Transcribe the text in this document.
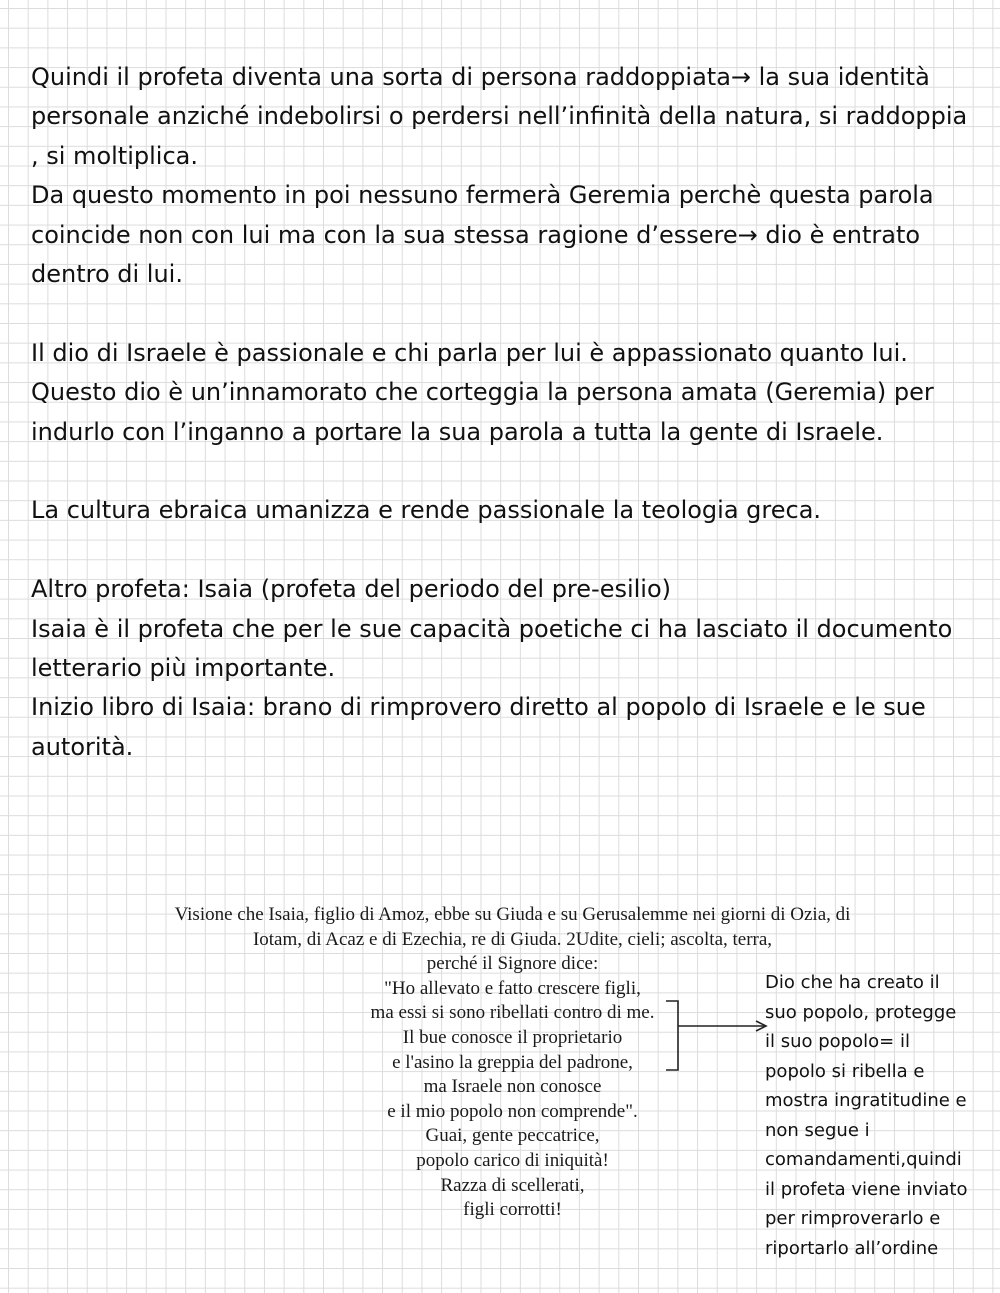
Quindi il profeta diventa una sorta di persona raddoppiata→ la sua identità personale anziché indebolirsi o perdersi nell’infinità della natura, si raddoppia , si moltiplica.

Da questo momento in poi nessuno fermerà Geremia perchè questa parola coincide non con lui ma con la sua stessa ragione d’essere→ dio è entrato dentro di lui.

Il dio di Israele è passionale e chi parla per lui è appassionato quanto lui.

Questo dio è un’innamorato che corteggia la persona amata (Geremia) per indurlo con l’inganno a portare la sua parola a tutta la gente di Israele.

La cultura ebraica umanizza e rende passionale la teologia greca.

Altro profeta: Isaia (profeta del periodo del pre-esilio)

Isaia è il profeta che per le sue capacità poetiche ci ha lasciato il documento letterario più importante.

Inizio libro di Isaia: brano di rimprovero diretto al popolo di Israele e le sue autorità.

Visione che Isaia, figlio di Amoz, ebbe su Giuda e su Gerusalemme nei giorni di Ozia, di Iotam, di Acaz e di Ezechia, re di Giuda. 2Udite, cieli; ascolta, terra,
perché il Signore dice:
"Ho allevato e fatto crescere figli,
ma essi si sono ribellati contro di me.
Il bue conosce il proprietario
e l'asino la greppia del padrone,
ma Israele non conosce
e il mio popolo non comprende".
Guai, gente peccatrice,
popolo carico di iniquità!
Razza di scellerati,
figli corrotti!

Dio che ha creato il
suo popolo, protegge
il suo popolo= il
popolo si ribella e
mostra ingratitudine e
non segue i
comandamenti,quindi
il profeta viene inviato
per rimproverarlo e
riportarlo all’ordine
